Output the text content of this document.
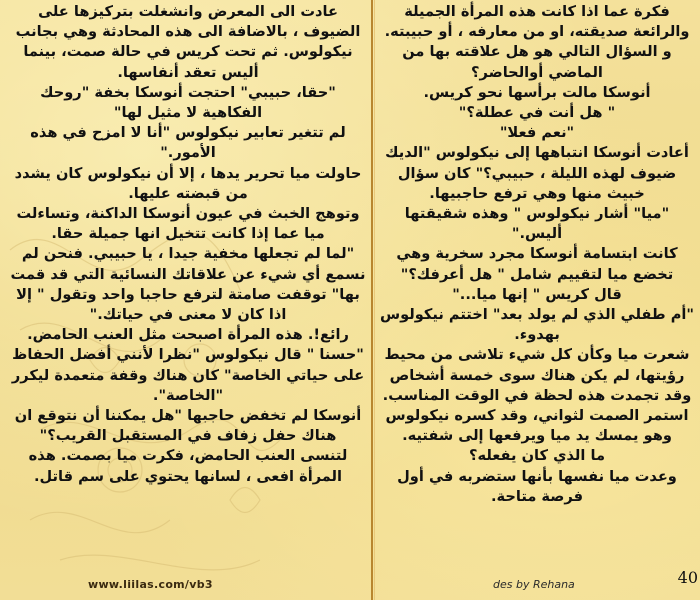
عادت الى المعرض وانشغلت بتركيزها على الضيوف ، بالاضافة الى هذه المحادثة وهي بجانب نيكولوس. ثم تحت كريس في حالة صمت، بينما أليس تعقد أنفاسها.

"حقا، حبيبي" احتجت أنوسكا بخفة "روحك الفكاهية لا مثيل لها"

لم تتغير تعابير نيكولوس "أنا لا امزح في هذه الأمور."

حاولت ميا تحرير يدها ، إلا أن نيكولوس كان يشدد من قبضته عليها.

وتوهج الخبث في عيون أنوسكا الداكنة، وتساءلت ميا عما إذا كانت تتخيل انها جميلة حقا.

"لما لم تجعلها مخفية جيدا ، يا حبيبي. فنحن لم نسمع أي شيء عن علاقاتك النسائية التي قد قمت بها" توقفت صامتة لترفع حاجبا واحد وتقول " إلا اذا كان لا معنى في حياتك."

رائع!. هذه المرأة اصبحت مثل العنب الحامض.

"حسنا " قال نيكولوس "نظرا لأنني أفضل الحفاظ على حياتي الخاصة" كان هناك وقفة متعمدة ليكرر "الخاصة".

أنوسكا لم تخفض حاجبها "هل يمكننا أن نتوقع ان هناك حفل زفاف في المستقبل القريب؟"

لتنسى العنب الحامض، فكرت ميا بصمت. هذه المرأة افعى ، لسانها يحتوي على سم قاتل.

فكرة عما اذا كانت هذه المرأة الجميلة والرائعة صديقته، او من معارفه ، أو حبيبته. و السؤال التالي هو هل علاقته بها من الماضي أوالحاضر؟

أنوسكا مالت برأسها نحو كريس.

" هل أنت في عطلة؟"

"نعم فعلا"

أعادت أنوسكا انتباهها إلى نيكولوس "الديك ضيوف لهذه الليلة ، حبيبي؟" كان سؤال خبيث منها وهي ترفع حاجبيها.

"ميا" أشار نيكولوس " وهذه شقيقتها أليس."

كانت ابتسامة أنوسكا مجرد سخرية وهي تخضع ميا لتقييم شامل " هل أعرفك؟"

قال كريس " إنها ميا..."

"أم طفلي الذي لم يولد بعد" اختتم نيكولوس بهدوء.

شعرت ميا وكأن كل شيء تلاشى من محيط رؤيتها، لم يكن هناك سوى خمسة أشخاص وقد تجمدت هذه لحظة في الوقت المناسب.

استمر الصمت لثواني، وقد كسره نيكولوس وهو يمسك يد ميا ويرفعها إلى شفتيه.

ما الذي كان يفعله؟

وعدت ميا نفسها بأنها ستضربه في أول فرصة متاحة.

www.liilas.com/vb3	des by Rehana	40
